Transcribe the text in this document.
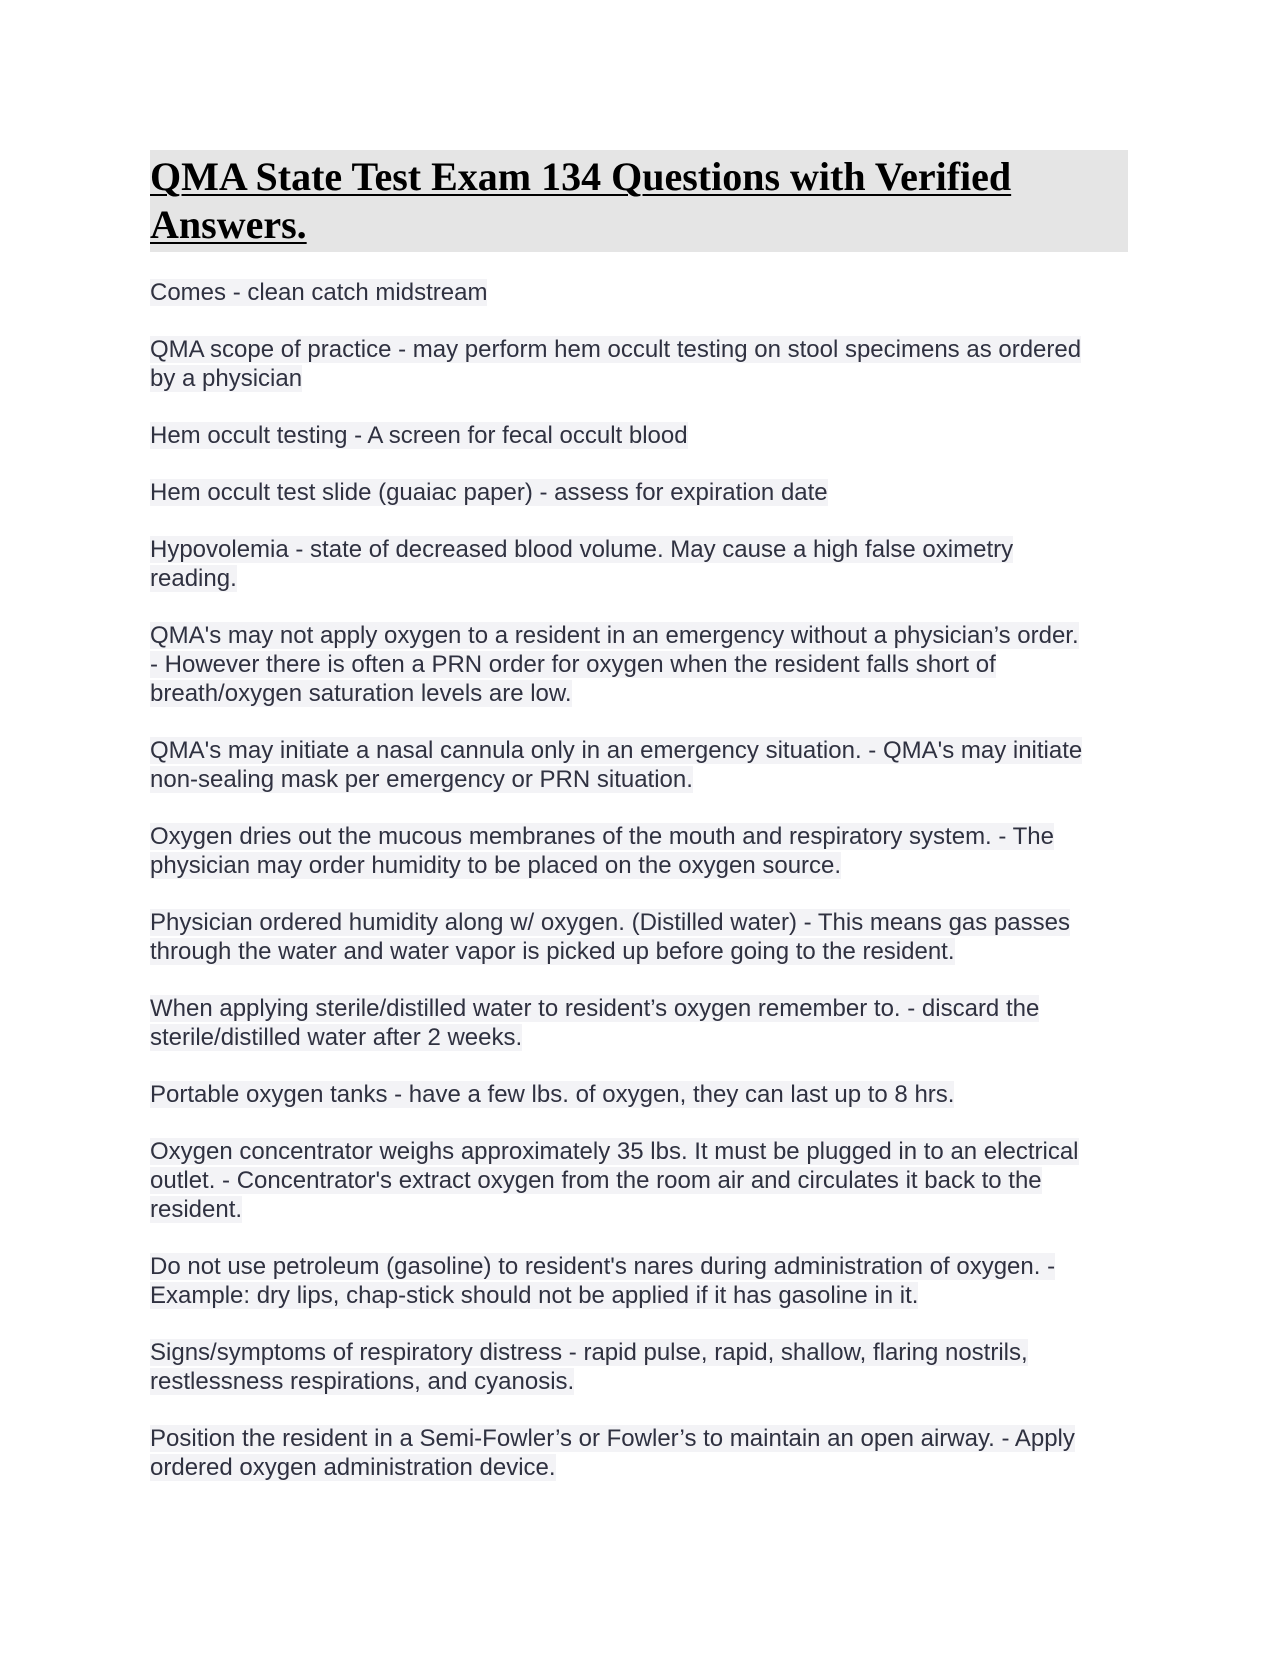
QMA State Test Exam 134 Questions with Verified Answers.

Comes - clean catch midstream

QMA scope of practice - may perform hem occult testing on stool specimens as ordered
by a physician

Hem occult testing - A screen for fecal occult blood

Hem occult test slide (guaiac paper) - assess for expiration date

Hypovolemia - state of decreased blood volume. May cause a high false oximetry
reading.

QMA's may not apply oxygen to a resident in an emergency without a physician’s order.
- However there is often a PRN order for oxygen when the resident falls short of
breath/oxygen saturation levels are low.

QMA's may initiate a nasal cannula only in an emergency situation. - QMA's may initiate
non-sealing mask per emergency or PRN situation.

Oxygen dries out the mucous membranes of the mouth and respiratory system. - The
physician may order humidity to be placed on the oxygen source.

Physician ordered humidity along w/ oxygen. (Distilled water) - This means gas passes
through the water and water vapor is picked up before going to the resident.

When applying sterile/distilled water to resident’s oxygen remember to. - discard the
sterile/distilled water after 2 weeks.

Portable oxygen tanks - have a few lbs. of oxygen, they can last up to 8 hrs.

Oxygen concentrator weighs approximately 35 lbs. It must be plugged in to an electrical
outlet. - Concentrator's extract oxygen from the room air and circulates it back to the
resident.

Do not use petroleum (gasoline) to resident's nares during administration of oxygen. -
Example: dry lips, chap-stick should not be applied if it has gasoline in it.

Signs/symptoms of respiratory distress - rapid pulse, rapid, shallow, flaring nostrils,
restlessness respirations, and cyanosis.

Position the resident in a Semi-Fowler’s or Fowler’s to maintain an open airway. - Apply
ordered oxygen administration device.
